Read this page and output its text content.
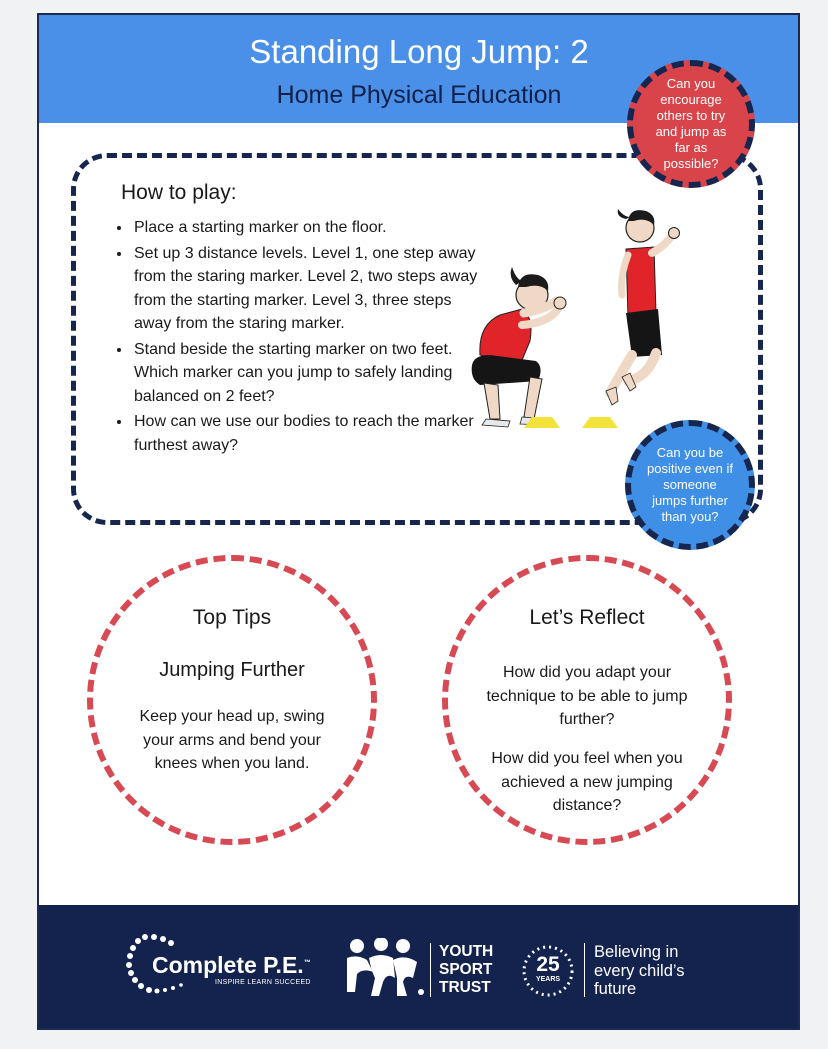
Standing Long Jump: 2
Home Physical Education
How to play:
• Place a starting marker on the floor.
• Set up 3 distance levels. Level 1, one step away from the staring marker. Level 2, two steps away from the starting marker. Level 3, three steps away from the staring marker.
• Stand beside the starting marker on two feet. Which marker can you jump to safely landing balanced on 2 feet?
• How can we use our bodies to reach the marker furthest away?
Can you encourage others to try and jump as far as possible?
Can you be positive even if someone jumps further than you?
Top Tips
Jumping Further
Keep your head up, swing your arms and bend your knees when you land.
Let’s Reflect
How did you adapt your technique to be able to jump further?
How did you feel when you achieved a new jumping distance?
Complete P.E.™
INSPIRE LEARN SUCCEED
YOUTH
SPORT
TRUST
25
YEARS
Believing in
every child’s
future
